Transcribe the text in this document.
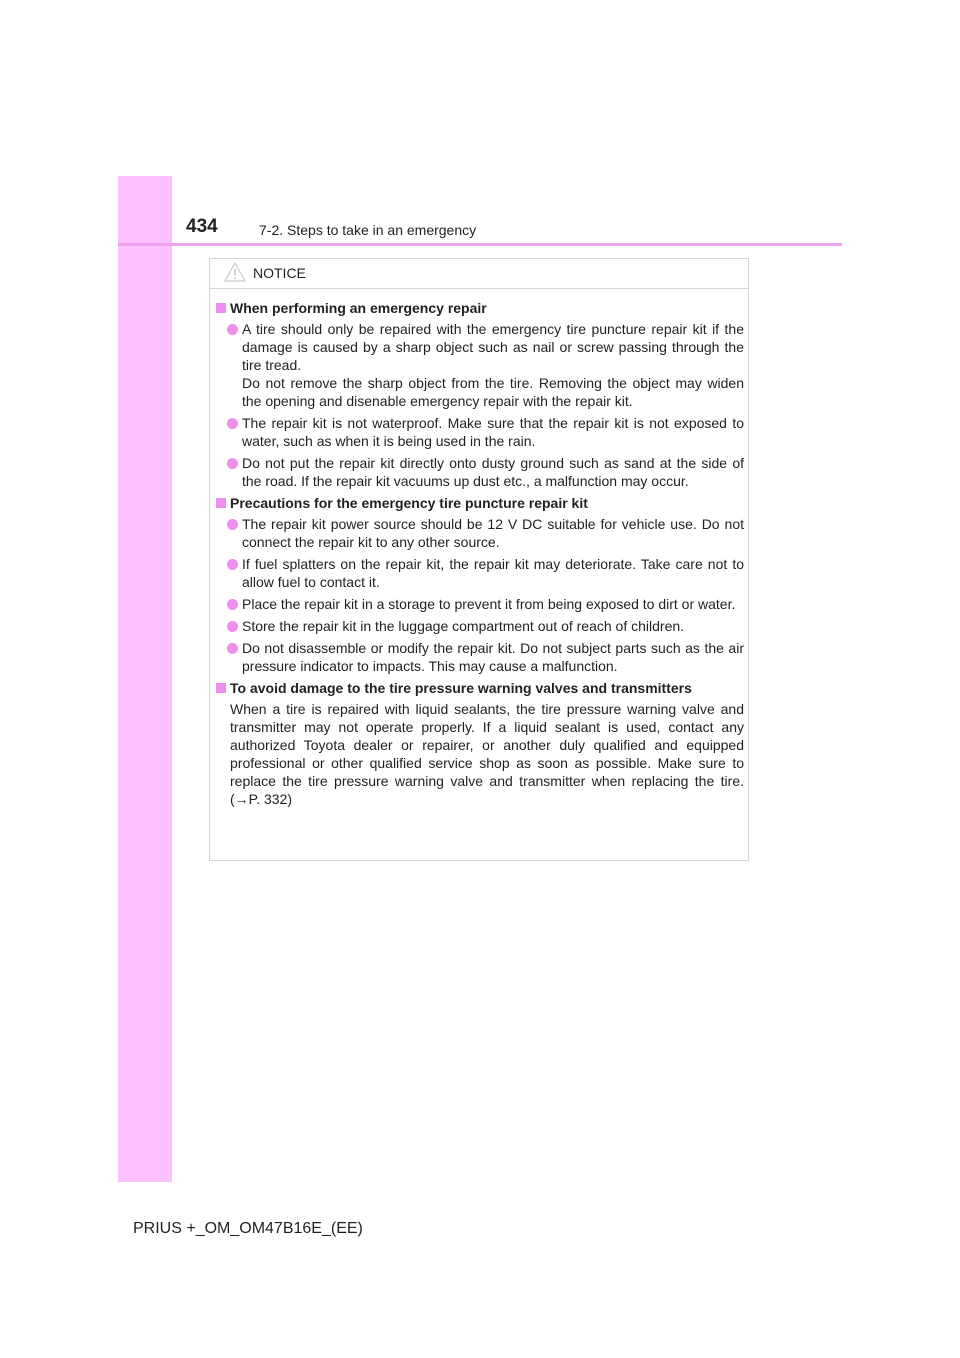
434	7-2. Steps to take in an emergency
NOTICE
When performing an emergency repair

A tire should only be repaired with the emergency tire puncture repair kit if the damage is caused by a sharp object such as nail or screw passing through the tire tread.

Do not remove the sharp object from the tire. Removing the object may widen the opening and disenable emergency repair with the repair kit.

The repair kit is not waterproof. Make sure that the repair kit is not exposed to water, such as when it is being used in the rain.

Do not put the repair kit directly onto dusty ground such as sand at the side of the road. If the repair kit vacuums up dust etc., a malfunction may occur.

Precautions for the emergency tire puncture repair kit

The repair kit power source should be 12 V DC suitable for vehicle use. Do not connect the repair kit to any other source.

If fuel splatters on the repair kit, the repair kit may deteriorate. Take care not to allow fuel to contact it.

Place the repair kit in a storage to prevent it from being exposed to dirt or water.

Store the repair kit in the luggage compartment out of reach of children.

Do not disassemble or modify the repair kit. Do not subject parts such as the air pressure indicator to impacts. This may cause a malfunction.

To avoid damage to the tire pressure warning valves and transmitters
When a tire is repaired with liquid sealants, the tire pressure warning valve and transmitter may not operate properly. If a liquid sealant is used, contact any authorized Toyota dealer or repairer, or another duly qualified and equipped professional or other qualified service shop as soon as possible. Make sure to replace the tire pressure warning valve and transmitter when replacing the tire. (→P. 332)
PRIUS +_OM_OM47B16E_(EE)
